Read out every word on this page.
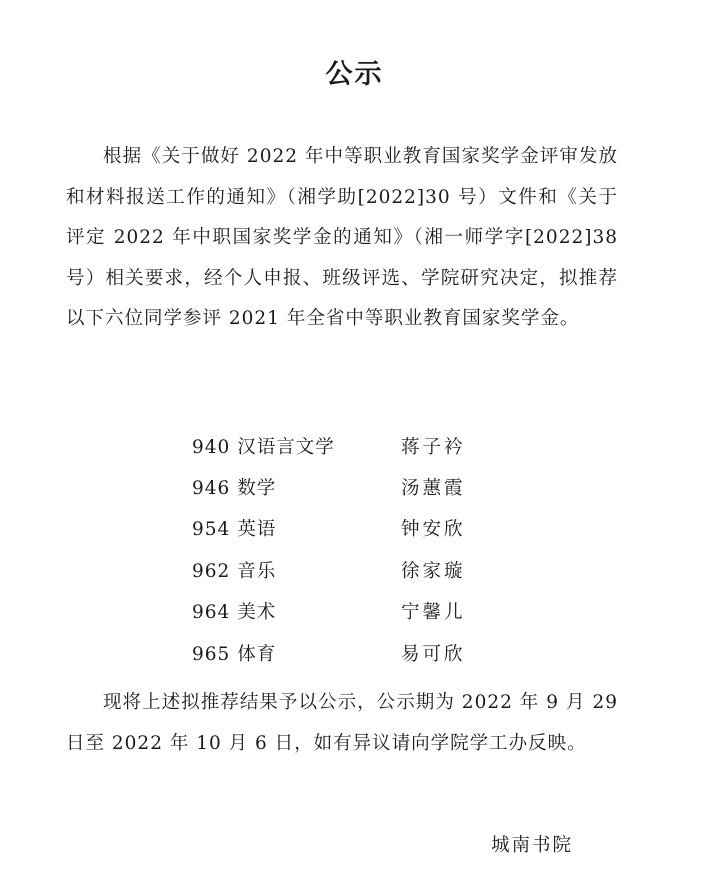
公示
根据《关于做好 2022 年中等职业教育国家奖学金评审发放和材料报送工作的通知》（湘学助[2022]30 号）文件和《关于评定 2022 年中职国家奖学金的通知》（湘一师学字[2022]38 号）相关要求，经个人申报、班级评选、学院研究决定，拟推荐以下六位同学参评 2021 年全省中等职业教育国家奖学金。
940 汉语言文学	蒋子衿
946 数学	汤蕙霞
954 英语	钟安欣
962 音乐	徐家璇
964 美术	宁馨儿
965 体育	易可欣
现将上述拟推荐结果予以公示，公示期为 2022 年 9 月 29 日至 2022 年 10 月 6 日，如有异议请向学院学工办反映。
城南书院
